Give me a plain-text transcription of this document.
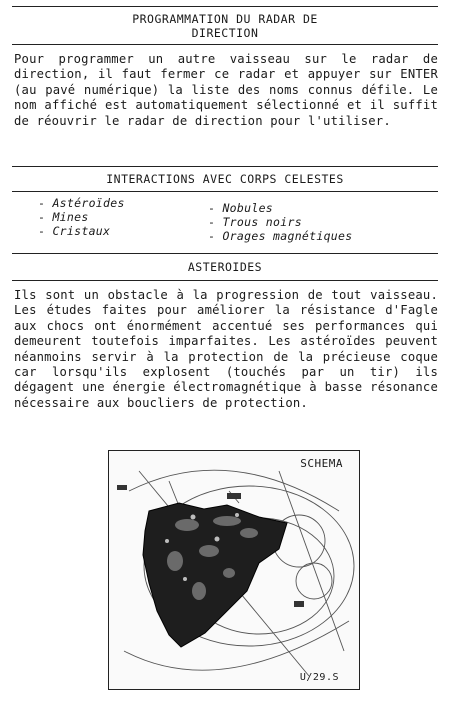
PROGRAMMATION DU RADAR DE
DIRECTION
Pour programmer un autre vaisseau sur le radar de direction, il faut fermer ce radar et appuyer sur ENTER (au pavé numérique) la liste des noms connus défile. Le nom affiché est automatiquement sélectionné et il suffit de réouvrir le radar de direction pour l'utiliser.
INTERACTIONS AVEC CORPS CELESTES
- Astéroïdes
- Mines
- Cristaux
- Nobules
- Trous noirs
- Orages magnétiques
ASTEROIDES
Ils sont un obstacle à la progression de tout vaisseau. Les études faites pour améliorer la résistance d'Fagle aux chocs ont énormément accentué ses performances qui demeurent toutefois imparfaites. Les astéroïdes peuvent néanmoins servir à la protection de la précieuse coque car lorsqu'ils explosent (touchés par un tir) ils dégagent une énergie électromagnétique à basse résonance nécessaire aux boucliers de protection.
SCHEMA
U/29.S
